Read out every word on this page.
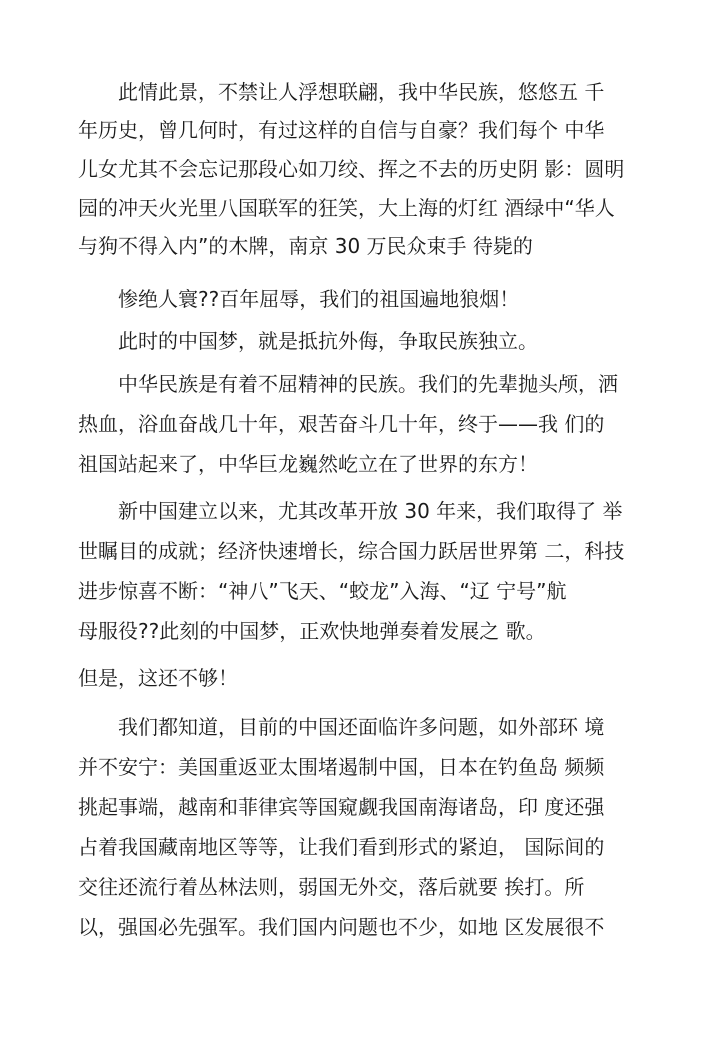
此情此景，不禁让人浮想联翩，我中华民族，悠悠五 千
年历史，曾几何时，有过这样的自信与自豪？我们每个 中华
儿女尤其不会忘记那段心如刀绞、挥之不去的历史阴 影：圆明
园的冲天火光里八国联军的狂笑，大上海的灯红 酒绿中“华人
与狗不得入内”的木牌，南京 30 万民众束手 待毙的
惨绝人寰??百年屈辱，我们的祖国遍地狼烟！
此时的中国梦，就是抵抗外侮，争取民族独立。
中华民族是有着不屈精神的民族。我们的先辈抛头颅，洒
热血，浴血奋战几十年，艰苦奋斗几十年，终于——我 们的
祖国站起来了，中华巨龙巍然屹立在了世界的东方！
新中国建立以来，尤其改革开放 30 年来，我们取得了 举
世瞩目的成就；经济快速增长，综合国力跃居世界第 二，科技
进步惊喜不断：“神八”飞天、“蛟龙”入海、“辽 宁号”航
母服役??此刻的中国梦，正欢快地弹奏着发展之 歌。
但是，这还不够！
我们都知道，目前的中国还面临许多问题，如外部环 境
并不安宁：美国重返亚太围堵遏制中国，日本在钓鱼岛 频频
挑起事端，越南和菲律宾等国窥觑我国南海诸岛，印 度还强
占着我国藏南地区等等，让我们看到形式的紧迫， 国际间的
交往还流行着丛林法则，弱国无外交，落后就要 挨打。所
以，强国必先强军。我们国内问题也不少，如地 区发展很不
